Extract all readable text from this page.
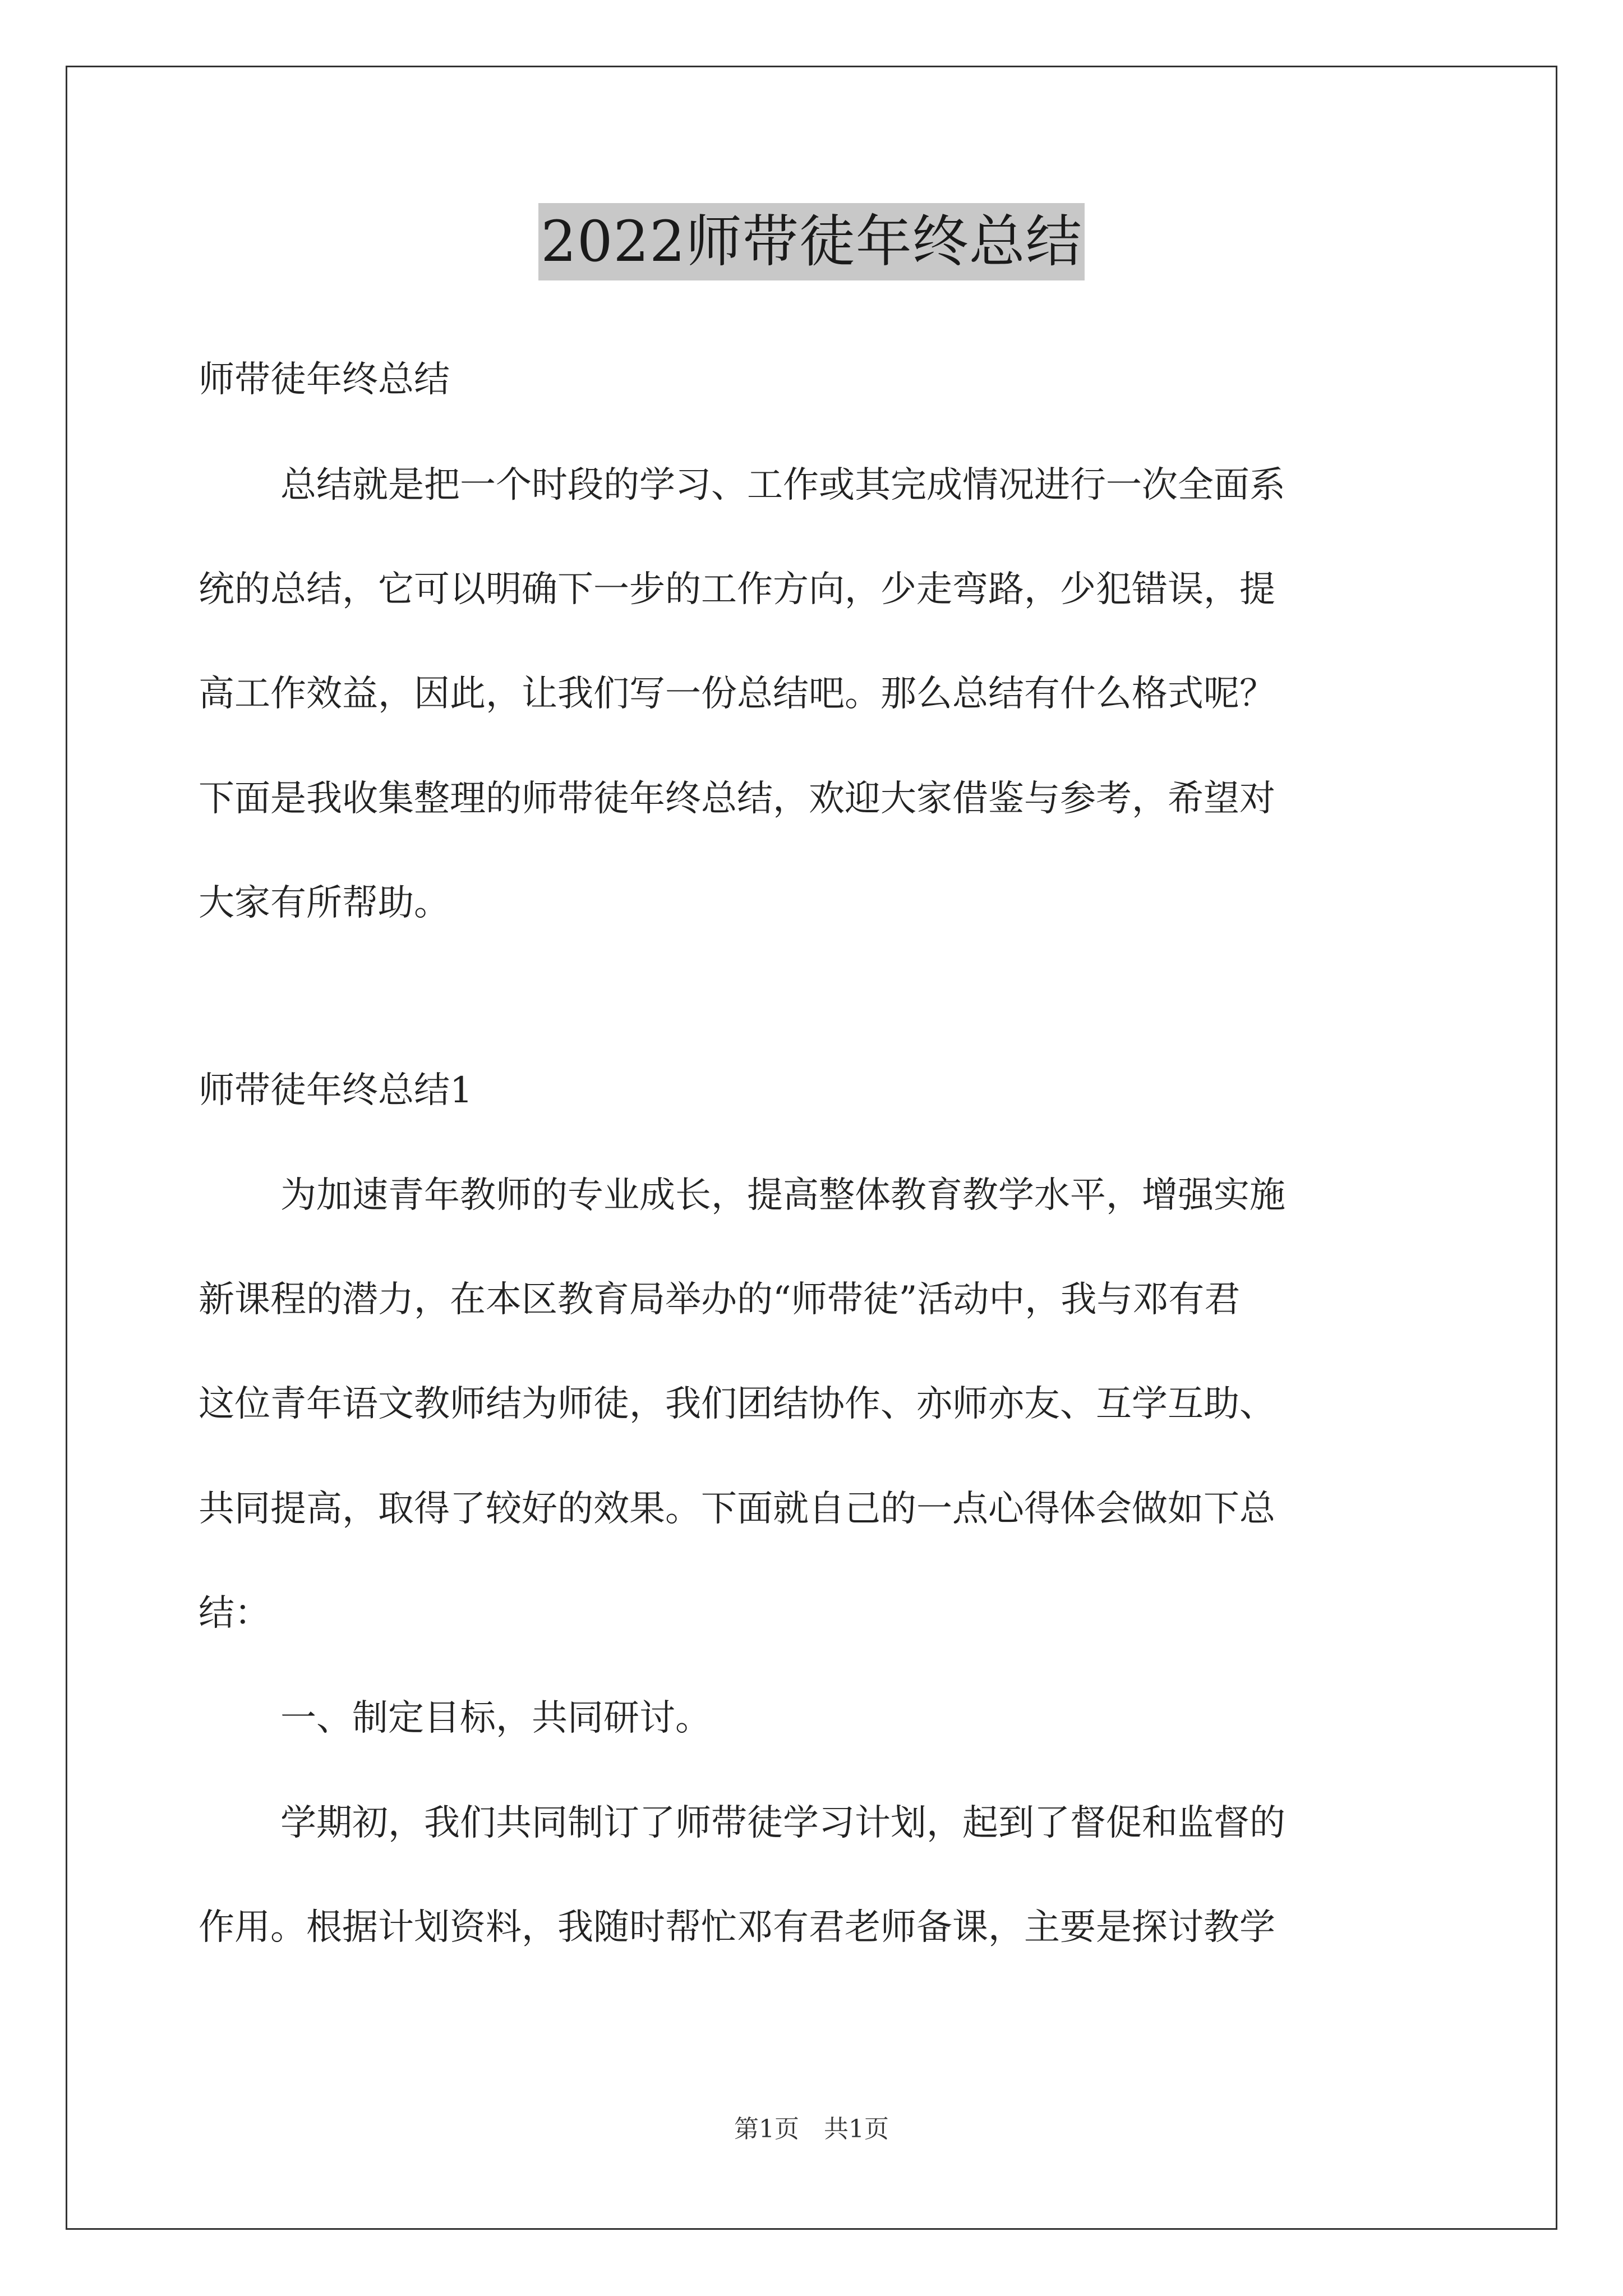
2022师带徒年终总结
师带徒年终总结
总结就是把一个时段的学习、工作或其完成情况进行一次全面系
统的总结，它可以明确下一步的工作方向，少走弯路，少犯错误，提
高工作效益，因此，让我们写一份总结吧。那么总结有什么格式呢？
下面是我收集整理的师带徒年终总结，欢迎大家借鉴与参考，希望对
大家有所帮助。
师带徒年终总结1
为加速青年教师的专业成长，提高整体教育教学水平，增强实施
新课程的潜力，在本区教育局举办的“师带徒”活动中，我与邓有君
这位青年语文教师结为师徒，我们团结协作、亦师亦友、互学互助、
共同提高，取得了较好的效果。下面就自己的一点心得体会做如下总
结：
一、制定目标，共同研讨。
学期初，我们共同制订了师带徒学习计划，起到了督促和监督的
作用。根据计划资料，我随时帮忙邓有君老师备课，主要是探讨教学
第1页　共1页
